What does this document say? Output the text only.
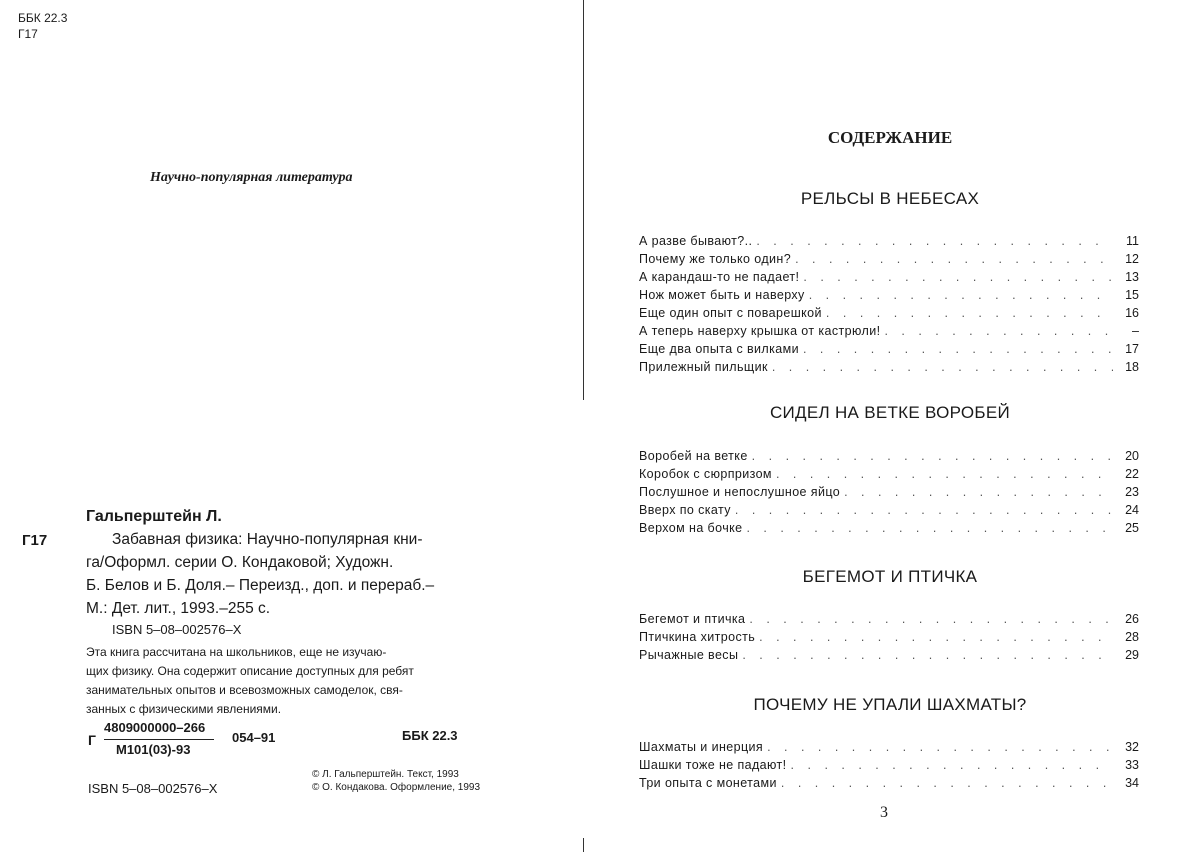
ББК 22.3
Г17
Научно-популярная литература
Гальперштейн Л.
Г17	Забавная физика: Научно-популярная кни-
га/Оформл. серии О. Кондаковой; Художн.
Б. Белов и Б. Доля.– Переизд., доп. и перераб.–
М.: Дет. лит., 1993.–255 с.
ISBN 5–08–002576–X
Эта книга рассчитана на школьников, еще не изучаю-
щих физику. Она содержит описание доступных для ребят
занимательных опытов и всевозможных самоделок, свя-
занных с физическими явлениями.
Г
4809000000–266
М101(03)-93
054–91	ББК 22.3
© Л. Гальперштейн. Текст, 1993
© О. Кондакова. Оформление, 1993
ISBN 5–08–002576–X
СОДЕРЖАНИЕ
РЕЛЬСЫ В НЕБЕСАХ
А разве бывают?.. . . .	11
Почему же только один? . . .	12
А карандаш-то не падает! . . .	13
Нож может быть и наверху . . .	15
Еще один опыт с поварешкой . . .	16
А теперь наверху крышка от кастрюли! . . .	–
Еще два опыта с вилками . . .	17
Прилежный пильщик . . .	18
СИДЕЛ НА ВЕТКЕ ВОРОБЕЙ
Воробей на ветке . . .	20
Коробок с сюрпризом . . .	22
Послушное и непослушное яйцо . . .	23
Вверх по скату . . .	24
Верхом на бочке . . .	25
БЕГЕМОТ И ПТИЧКА
Бегемот и птичка . . .	26
Птичкина хитрость . . .	28
Рычажные весы . . .	29
ПОЧЕМУ НЕ УПАЛИ ШАХМАТЫ?
Шахматы и инерция . . .	32
Шашки тоже не падают! . . .	33
Три опыта с монетами . . .	34
3
